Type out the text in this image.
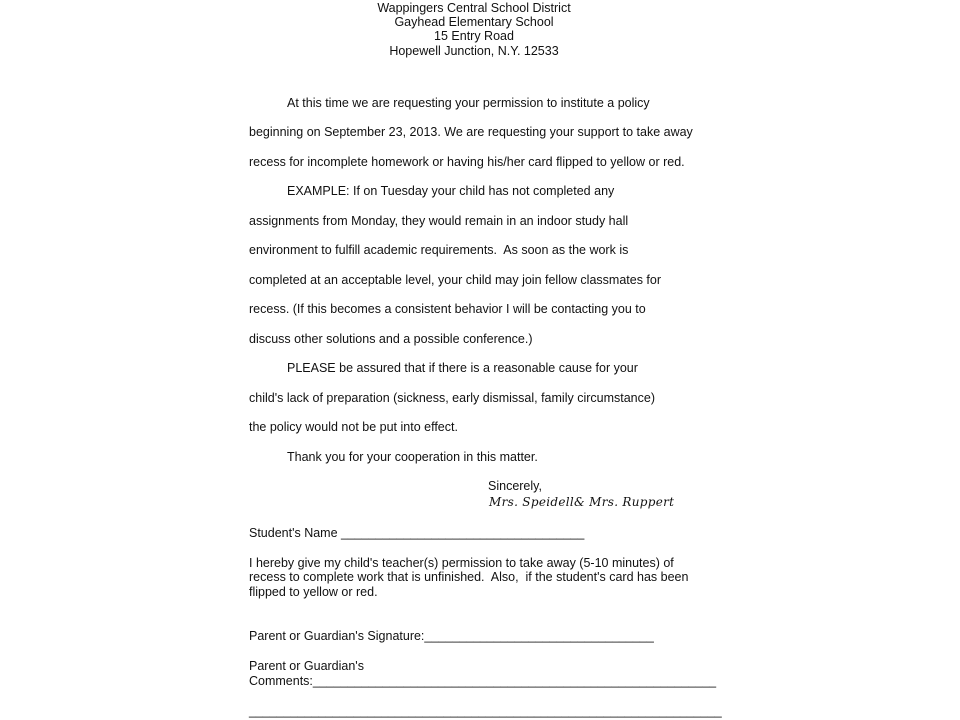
Wappingers Central School District
Gayhead Elementary School
15 Entry Road
Hopewell Junction, N.Y. 12533
At this time we are requesting your permission to institute a policy
beginning on September 23, 2013. We are requesting your support to take away
recess for incomplete homework or having his/her card flipped to yellow or red.
EXAMPLE: If on Tuesday your child has not completed any
assignments from Monday, they would remain in an indoor study hall
environment to fulfill academic requirements.  As soon as the work is
completed at an acceptable level, your child may join fellow classmates for
recess. (If this becomes a consistent behavior I will be contacting you to
discuss other solutions and a possible conference.)
PLEASE be assured that if there is a reasonable cause for your
child's lack of preparation (sickness, early dismissal, family circumstance)
the policy would not be put into effect.
Thank you for your cooperation in this matter.
Sincerely,
Mrs. Speidell& Mrs. Ruppert
Student's Name ___________________________________
I hereby give my child's teacher(s) permission to take away (5-10 minutes) of
recess to complete work that is unfinished.  Also,  if the student's card has been
flipped to yellow or red.
Parent or Guardian's Signature:_________________________________
Parent or Guardian's
Comments:__________________________________________________________
____________________________________________________________________
